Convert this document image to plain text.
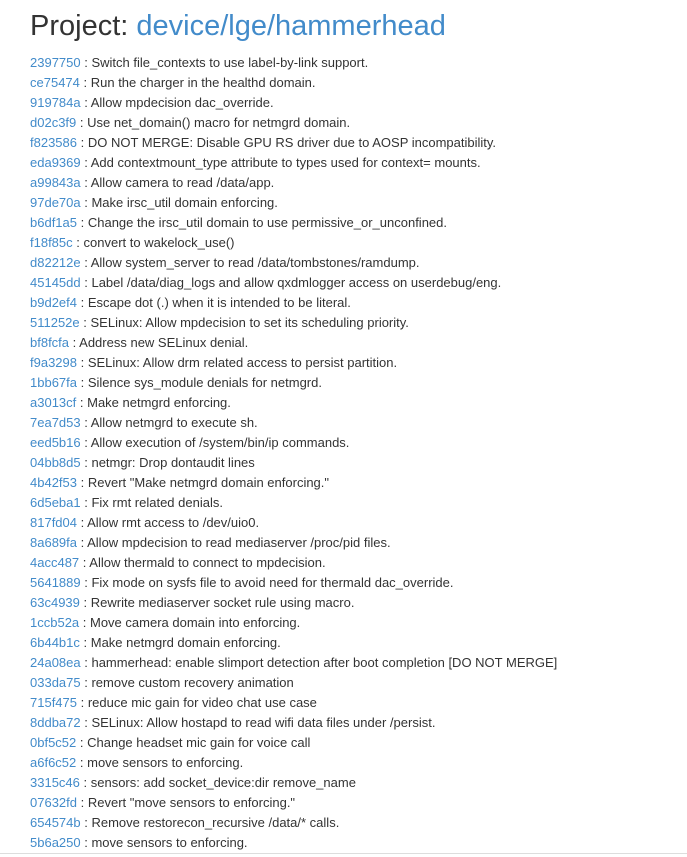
Project: device/lge/hammerhead
2397750 : Switch file_contexts to use label-by-link support.
ce75474 : Run the charger in the healthd domain.
919784a : Allow mpdecision dac_override.
d02c3f9 : Use net_domain() macro for netmgrd domain.
f823586 : DO NOT MERGE: Disable GPU RS driver due to AOSP incompatibility.
eda9369 : Add contextmount_type attribute to types used for context= mounts.
a99843a : Allow camera to read /data/app.
97de70a : Make irsc_util domain enforcing.
b6df1a5 : Change the irsc_util domain to use permissive_or_unconfined.
f18f85c : convert to wakelock_use()
d82212e : Allow system_server to read /data/tombstones/ramdump.
45145dd : Label /data/diag_logs and allow qxdmlogger access on userdebug/eng.
b9d2ef4 : Escape dot (.) when it is intended to be literal.
511252e : SELinux: Allow mpdecision to set its scheduling priority.
bf8fcfa : Address new SELinux denial.
f9a3298 : SELinux: Allow drm related access to persist partition.
1bb67fa : Silence sys_module denials for netmgrd.
a3013cf : Make netmgrd enforcing.
7ea7d53 : Allow netmgrd to execute sh.
eed5b16 : Allow execution of /system/bin/ip commands.
04bb8d5 : netmgr: Drop dontaudit lines
4b42f53 : Revert "Make netmgrd domain enforcing."
6d5eba1 : Fix rmt related denials.
817fd04 : Allow rmt access to /dev/uio0.
8a689fa : Allow mpdecision to read mediaserver /proc/pid files.
4acc487 : Allow thermald to connect to mpdecision.
5641889 : Fix mode on sysfs file to avoid need for thermald dac_override.
63c4939 : Rewrite mediaserver socket rule using macro.
1ccb52a : Move camera domain into enforcing.
6b44b1c : Make netmgrd domain enforcing.
24a08ea : hammerhead: enable slimport detection after boot completion [DO NOT MERGE]
033da75 : remove custom recovery animation
715f475 : reduce mic gain for video chat use case
8ddba72 : SELinux: Allow hostapd to read wifi data files under /persist.
0bf5c52 : Change headset mic gain for voice call
a6f6c52 : move sensors to enforcing.
3315c46 : sensors: add socket_device:dir remove_name
07632fd : Revert "move sensors to enforcing."
654574b : Remove restorecon_recursive /data/* calls.
5b6a250 : move sensors to enforcing.
